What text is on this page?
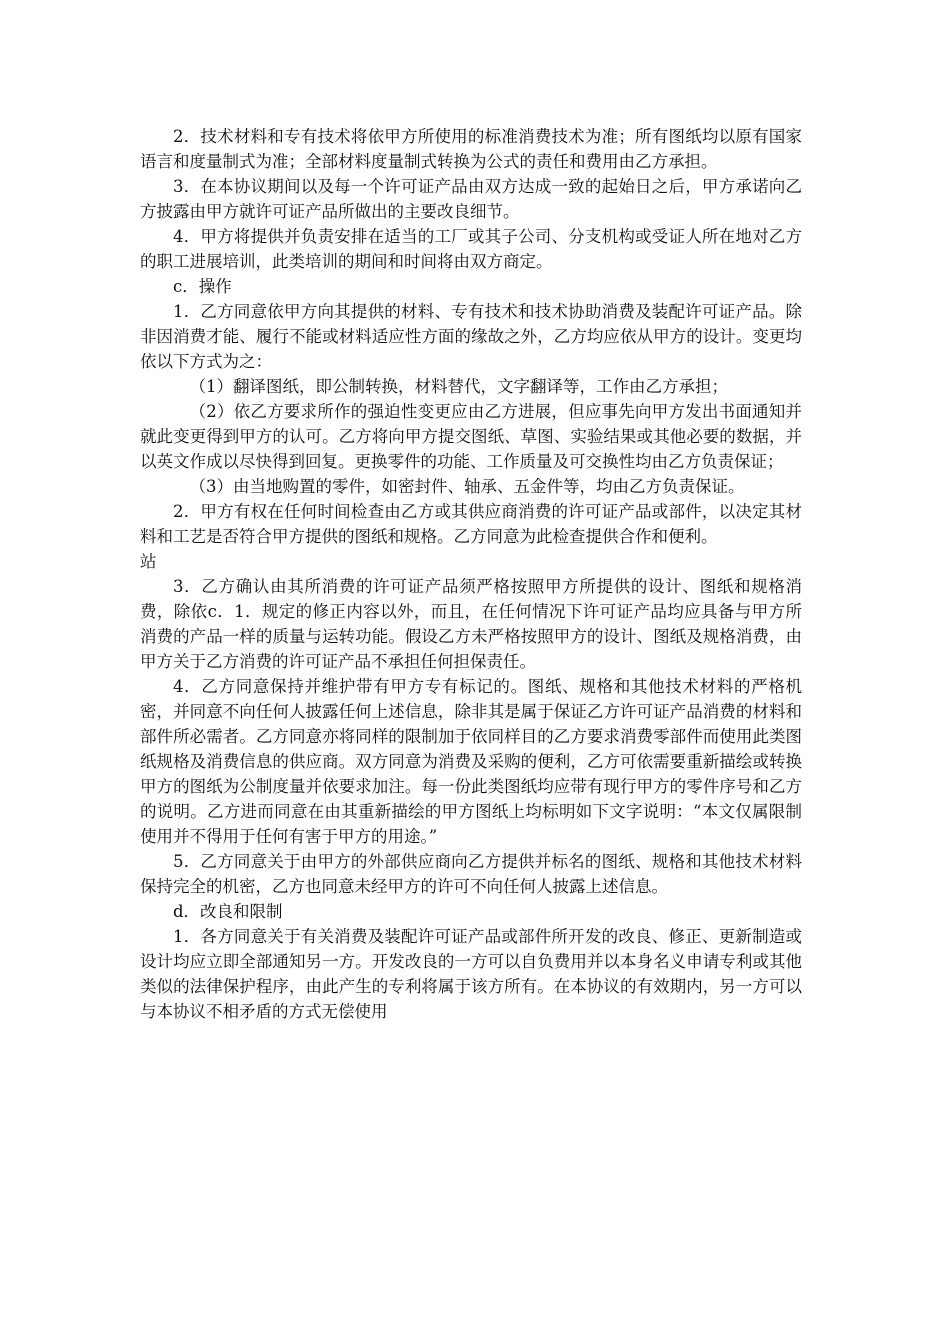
2．技术材料和专有技术将依甲方所使用的标准消费技术为准；所有图纸均以原有国家语言和度量制式为准；全部材料度量制式转换为公式的责任和费用由乙方承担。

3．在本协议期间以及每一个许可证产品由双方达成一致的起始日之后，甲方承诺向乙方披露由甲方就许可证产品所做出的主要改良细节。

4．甲方将提供并负责安排在适当的工厂或其子公司、分支机构或受证人所在地对乙方的职工进展培训，此类培训的期间和时间将由双方商定。

c．操作

1．乙方同意依甲方向其提供的材料、专有技术和技术协助消费及装配许可证产品。除非因消费才能、履行不能或材料适应性方面的缘故之外，乙方均应依从甲方的设计。变更均依以下方式为之：

（1）翻译图纸，即公制转换，材料替代，文字翻译等，工作由乙方承担；

（2）依乙方要求所作的强迫性变更应由乙方进展，但应事先向甲方发出书面通知并就此变更得到甲方的认可。乙方将向甲方提交图纸、草图、实验结果或其他必要的数据，并以英文作成以尽快得到回复。更换零件的功能、工作质量及可交换性均由乙方负责保证；

（3）由当地购置的零件，如密封件、轴承、五金件等，均由乙方负责保证。

2．甲方有权在任何时间检查由乙方或其供应商消费的许可证产品或部件，以决定其材料和工艺是否符合甲方提供的图纸和规格。乙方同意为此检查提供合作和便利。

站

3．乙方确认由其所消费的许可证产品须严格按照甲方所提供的设计、图纸和规格消费，除依c．1．规定的修正内容以外，而且，在任何情况下许可证产品均应具备与甲方所消费的产品一样的质量与运转功能。假设乙方未严格按照甲方的设计、图纸及规格消费，由甲方关于乙方消费的许可证产品不承担任何担保责任。

4．乙方同意保持并维护带有甲方专有标记的。图纸、规格和其他技术材料的严格机密，并同意不向任何人披露任何上述信息，除非其是属于保证乙方许可证产品消费的材料和部件所必需者。乙方同意亦将同样的限制加于依同样目的乙方要求消费零部件而使用此类图纸规格及消费信息的供应商。双方同意为消费及采购的便利，乙方可依需要重新描绘或转换甲方的图纸为公制度量并依要求加注。每一份此类图纸均应带有现行甲方的零件序号和乙方的说明。乙方进而同意在由其重新描绘的甲方图纸上均标明如下文字说明：“本文仅属限制使用并不得用于任何有害于甲方的用途。”

5．乙方同意关于由甲方的外部供应商向乙方提供并标名的图纸、规格和其他技术材料保持完全的机密，乙方也同意未经甲方的许可不向任何人披露上述信息。

d．改良和限制

1．各方同意关于有关消费及装配许可证产品或部件所开发的改良、修正、更新制造或设计均应立即全部通知另一方。开发改良的一方可以自负费用并以本身名义申请专利或其他类似的法律保护程序，由此产生的专利将属于该方所有。在本协议的有效期内，另一方可以与本协议不相矛盾的方式无偿使用
